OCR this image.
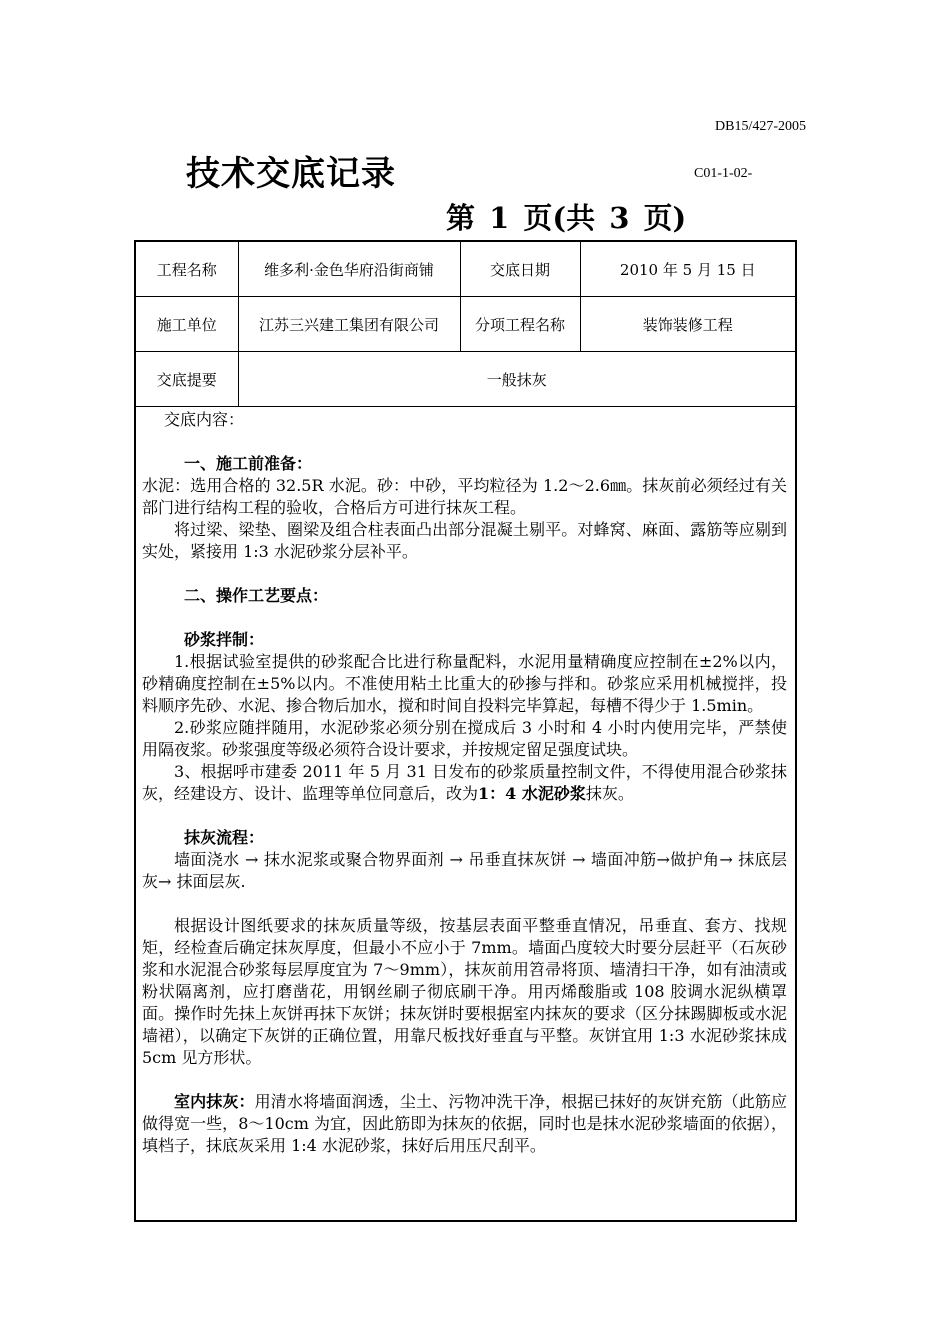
DB15/427-2005
技术交底记录	C01-1-02-
第 1 页(共 3 页)
工程名称	维多利·金色华府沿街商铺	交底日期	2010 年 5 月 15 日
施工单位	江苏三兴建工集团有限公司	分项工程名称	装饰装修工程
交底提要	一般抹灰		

交底内容：

一、施工前准备：

水泥：选用合格的 32.5R 水泥。砂：中砂，平均粒径为 1.2～2.6㎜。抹灰前必须经过有关部门进行结构工程的验收，合格后方可进行抹灰工程。

将过梁、梁垫、圈梁及组合柱表面凸出部分混凝土剔平。对蜂窝、麻面、露筋等应剔到实处，紧接用 1:3 水泥砂浆分层补平。

二、操作工艺要点：

砂浆拌制：

1.根据试验室提供的砂浆配合比进行称量配料，水泥用量精确度应控制在±2%以内，砂精确度控制在±5%以内。不准使用粘土比重大的砂掺与拌和。砂浆应采用机械搅拌，投料顺序先砂、水泥、掺合物后加水，搅和时间自投料完毕算起，每槽不得少于 1.5min。

2.砂浆应随拌随用，水泥砂浆必须分别在搅成后 3 小时和 4 小时内使用完毕，严禁使用隔夜浆。砂浆强度等级必须符合设计要求，并按规定留足强度试块。

3、根据呼市建委 2011 年 5 月 31 日发布的砂浆质量控制文件，不得使用混合砂浆抹灰，经建设方、设计、监理等单位同意后，改为1：4 水泥砂浆抹灰。

抹灰流程：

墙面浇水 → 抹水泥浆或聚合物界面剂 → 吊垂直抹灰饼 → 墙面冲筋→做护角→ 抹底层灰→ 抹面层灰.

根据设计图纸要求的抹灰质量等级，按基层表面平整垂直情况，吊垂直、套方、找规矩，经检查后确定抹灰厚度，但最小不应小于 7mm。墙面凸度较大时要分层赶平（石灰砂浆和水泥混合砂浆每层厚度宜为 7～9mm），抹灰前用笤帚将顶、墙清扫干净，如有油渍或粉状隔离剂，应打磨凿花，用钢丝刷子彻底刷干净。用丙烯酸脂或 108 胶调水泥纵横罩面。操作时先抹上灰饼再抹下灰饼；抹灰饼时要根据室内抹灰的要求（区分抹踢脚板或水泥墙裙），以确定下灰饼的正确位置，用靠尺板找好垂直与平整。灰饼宜用 1:3 水泥砂浆抹成 5cm 见方形状。

室内抹灰：用清水将墙面润透，尘土、污物冲洗干净，根据已抹好的灰饼充筋（此筋应做得宽一些，8～10cm 为宜，因此筋即为抹灰的依据，同时也是抹水泥砂浆墙面的依据），填档子，抹底灰采用 1:4 水泥砂浆，抹好后用压尺刮平。
